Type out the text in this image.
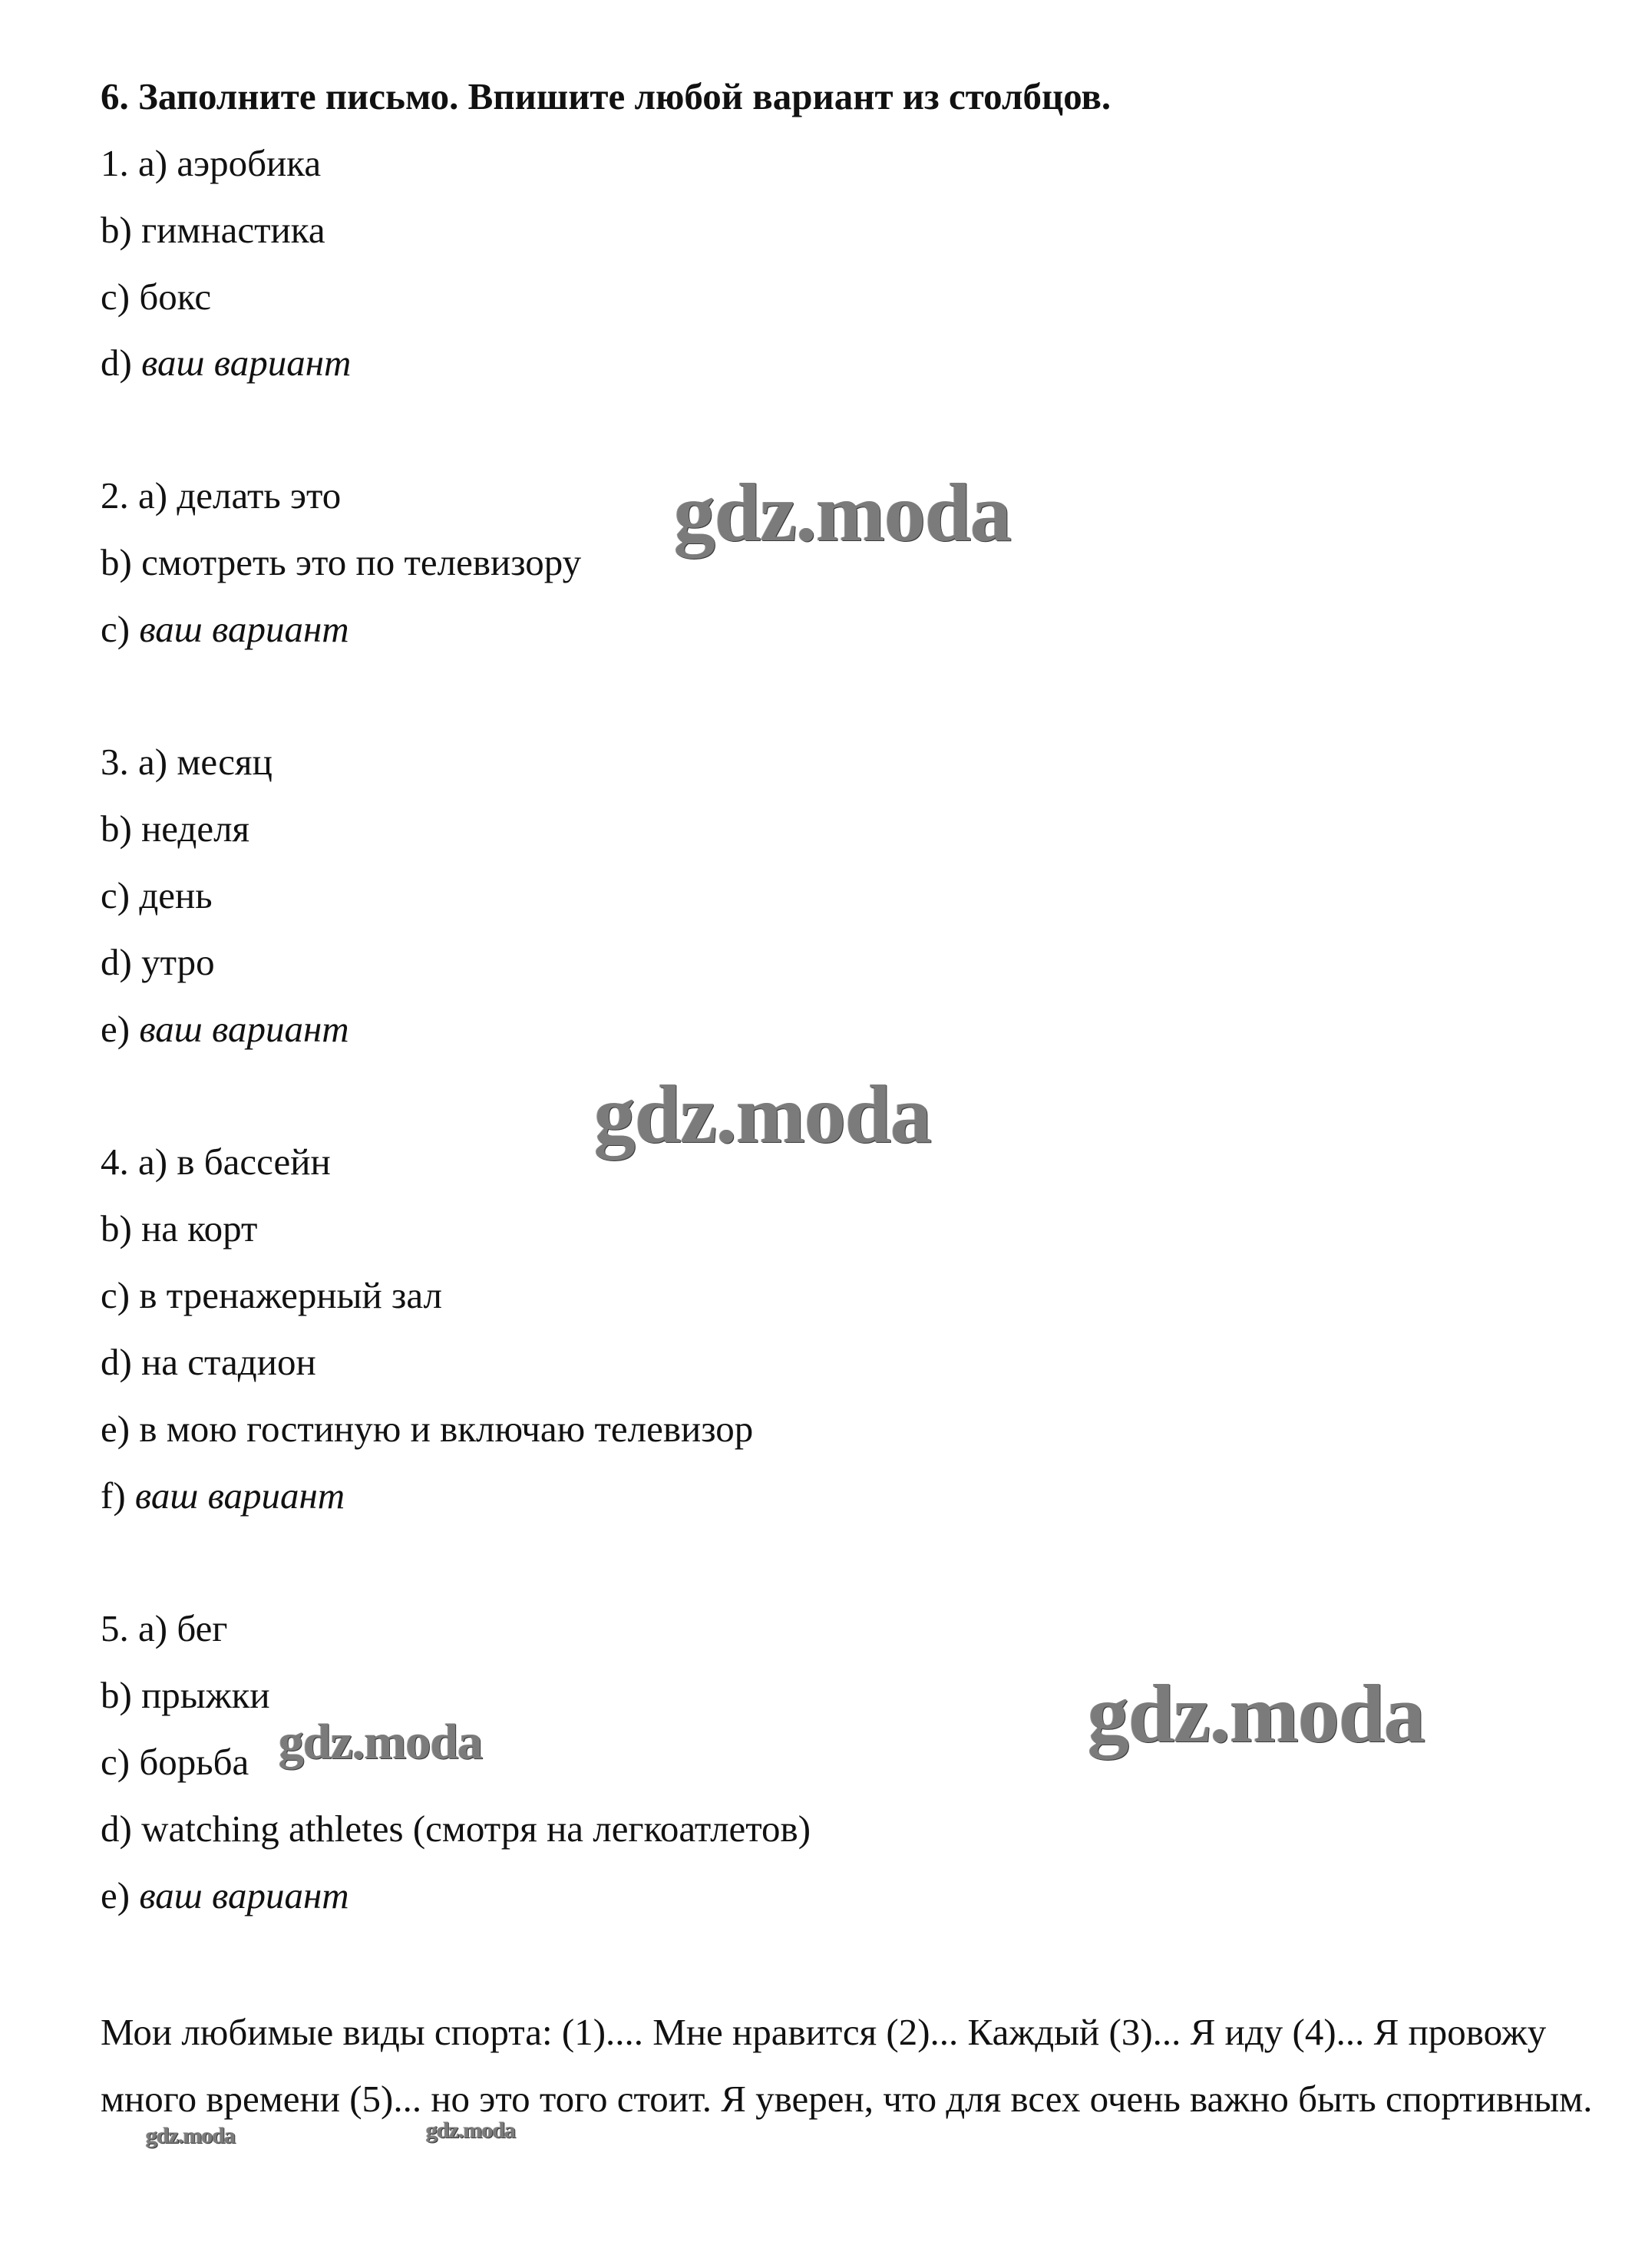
6. Заполните письмо. Впишите любой вариант из столбцов.
1. a) аэробика
b) гимнастика
c) бокс
d) ваш вариант
2. a) делать это
b) смотреть это по телевизору
c) ваш вариант
3. a) месяц
b) неделя
c) день
d) утро
e) ваш вариант
4. a) в бассейн
b) на корт
c) в тренажерный зал
d) на стадион
e) в мою гостиную и включаю телевизор
f) ваш вариант
5. a) бег
b) прыжки
c) борьба
d) watching athletes (смотря на легкоатлетов)
e) ваш вариант
Мои любимые виды спорта: (1).... Мне нравится (2)... Каждый (3)... Я иду (4)... Я провожу много времени (5)... но это того стоит. Я уверен, что для всех очень важно быть спортивным.
gdz.moda
gdz.moda
gdz.moda
gdz.moda
gdz.moda	gdz.moda
